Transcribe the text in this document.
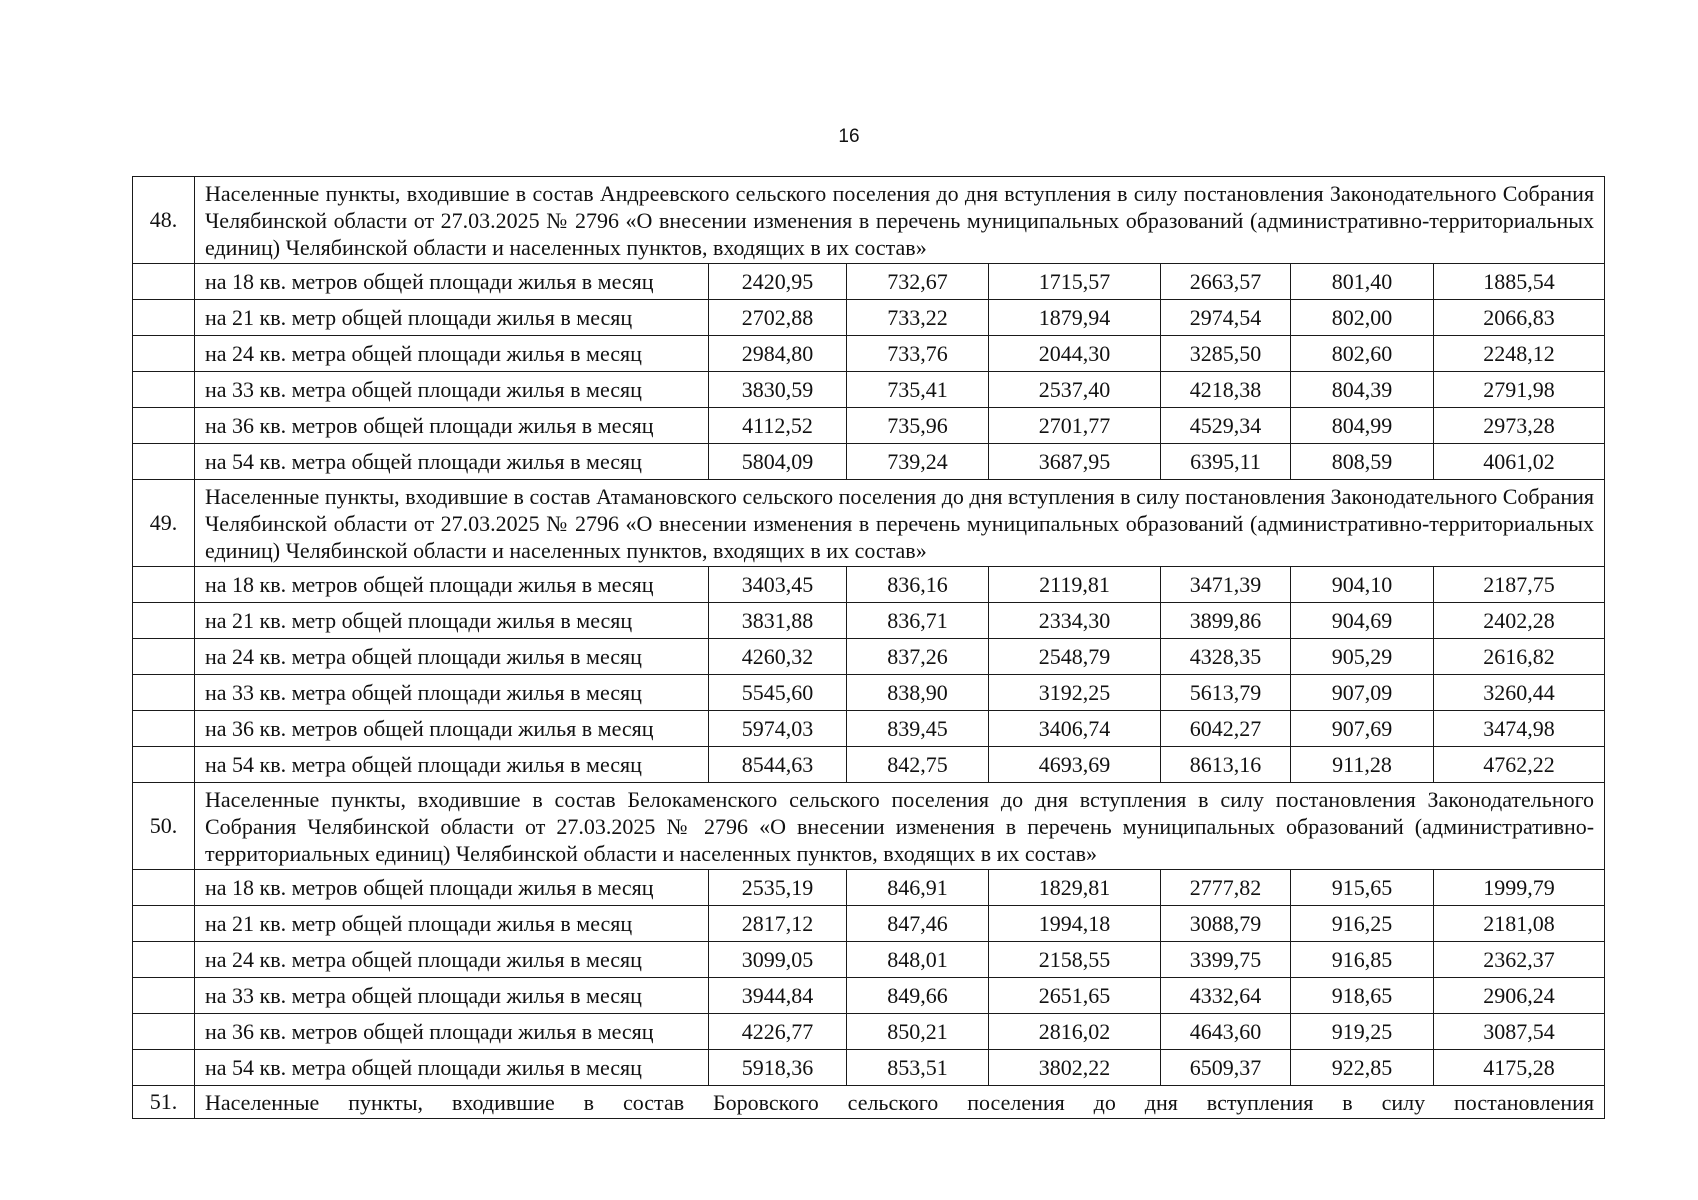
16
48.	Населенные пункты, входившие в состав Андреевского сельского поселения до дня вступления в силу постановления Законодательного Собрания Челябинской области от 27.03.2025 № 2796 «О внесении изменения в перечень муниципальных образований (административно-территориальных единиц) Челябинской области и населенных пунктов, входящих в их состав»						
	на 18 кв. метров общей площади жилья в месяц	2420,95	732,67	1715,57	2663,57	801,40	1885,54
	на 21 кв. метр общей площади жилья в месяц	2702,88	733,22	1879,94	2974,54	802,00	2066,83
	на 24 кв. метра общей площади жилья в месяц	2984,80	733,76	2044,30	3285,50	802,60	2248,12
	на 33 кв. метра общей площади жилья в месяц	3830,59	735,41	2537,40	4218,38	804,39	2791,98
	на 36 кв. метров общей площади жилья в месяц	4112,52	735,96	2701,77	4529,34	804,99	2973,28
	на 54 кв. метра общей площади жилья в месяц	5804,09	739,24	3687,95	6395,11	808,59	4061,02
49.	Населенные пункты, входившие в состав Атамановского сельского поселения до дня вступления в силу постановления Законодательного Собрания Челябинской области от 27.03.2025 № 2796 «О внесении изменения в перечень муниципальных образований (административно-территориальных единиц) Челябинской области и населенных пунктов, входящих в их состав»						
	на 18 кв. метров общей площади жилья в месяц	3403,45	836,16	2119,81	3471,39	904,10	2187,75
	на 21 кв. метр общей площади жилья в месяц	3831,88	836,71	2334,30	3899,86	904,69	2402,28
	на 24 кв. метра общей площади жилья в месяц	4260,32	837,26	2548,79	4328,35	905,29	2616,82
	на 33 кв. метра общей площади жилья в месяц	5545,60	838,90	3192,25	5613,79	907,09	3260,44
	на 36 кв. метров общей площади жилья в месяц	5974,03	839,45	3406,74	6042,27	907,69	3474,98
	на 54 кв. метра общей площади жилья в месяц	8544,63	842,75	4693,69	8613,16	911,28	4762,22
50.	Населенные пункты, входившие в состав Белокаменского сельского поселения до дня вступления в силу постановления Законодательного Собрания Челябинской области от 27.03.2025 № 2796 «О внесении изменения в перечень муниципальных образований (административно-территориальных единиц) Челябинской области и населенных пунктов, входящих в их состав»						
	на 18 кв. метров общей площади жилья в месяц	2535,19	846,91	1829,81	2777,82	915,65	1999,79
	на 21 кв. метр общей площади жилья в месяц	2817,12	847,46	1994,18	3088,79	916,25	2181,08
	на 24 кв. метра общей площади жилья в месяц	3099,05	848,01	2158,55	3399,75	916,85	2362,37
	на 33 кв. метра общей площади жилья в месяц	3944,84	849,66	2651,65	4332,64	918,65	2906,24
	на 36 кв. метров общей площади жилья в месяц	4226,77	850,21	2816,02	4643,60	919,25	3087,54
	на 54 кв. метра общей площади жилья в месяц	5918,36	853,51	3802,22	6509,37	922,85	4175,28
51.	Населенные пункты, входившие в состав Боровского сельского поселения до дня вступления в силу постановления						
